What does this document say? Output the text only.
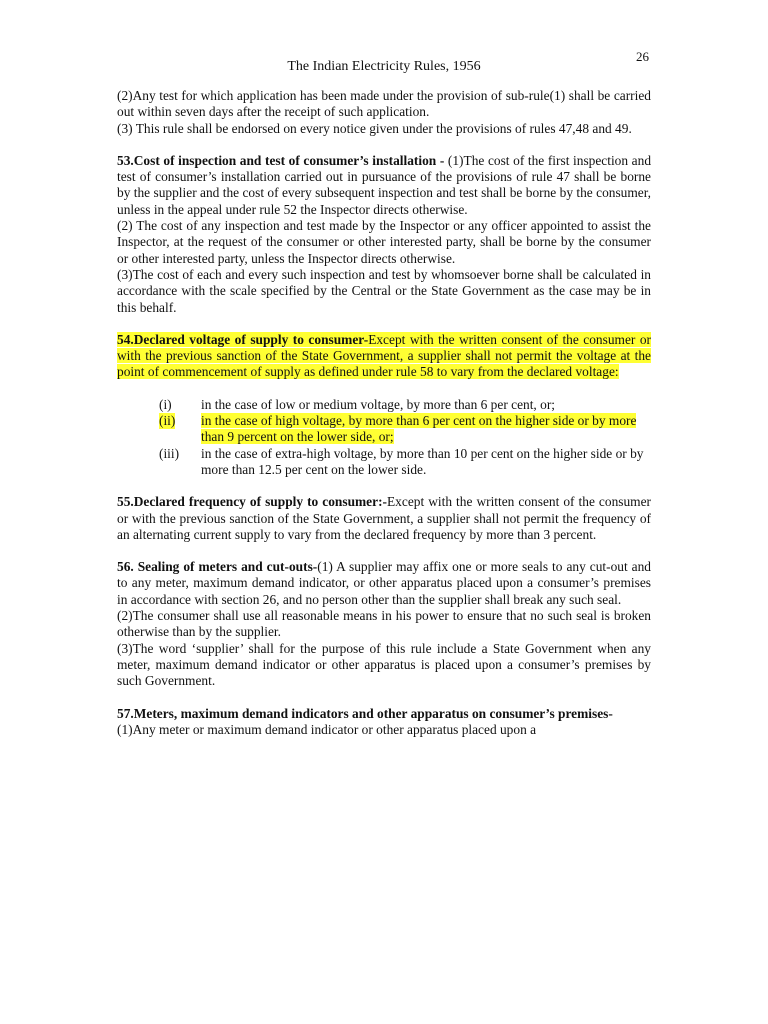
26
The Indian Electricity Rules, 1956

(2)Any test for which application has been made under the provision of sub-rule(1) shall be carried out within seven days after the receipt of such application.

(3) This rule shall be endorsed on every notice given under the provisions of rules 47,48 and 49.

53.Cost of inspection and test of consumer’s installation - (1)The cost of the first inspection and test of consumer’s installation carried out in pursuance of the provisions of rule 47 shall be borne by the supplier and the cost of every subsequent inspection and test shall be borne by the consumer, unless in the appeal under rule 52 the Inspector directs otherwise.

(2) The cost of any inspection and test made by the Inspector or any officer appointed to assist the Inspector, at the request of the consumer or other interested party, shall be borne by the consumer or other interested party, unless the Inspector directs otherwise.

(3)The cost of each and every such inspection and test by whomsoever borne shall be calculated in accordance with the scale specified by the Central or the State Government as the case may be in this behalf.

54.Declared voltage of supply to consumer-Except with the written consent of the consumer or with the previous sanction of the State Government, a supplier shall not permit the voltage at the point of commencement of supply as defined under rule 58 to vary from the declared voltage:

(i) in the case of low or medium voltage, by more than 6 per cent, or;
(ii) in the case of high voltage, by more than 6 per cent on the higher side or by more than 9 percent on the lower side, or;
(iii) in the case of extra-high voltage, by more than 10 per cent on the higher side or by more than 12.5 per cent on the lower side.

55.Declared frequency of supply to consumer:-Except with the written consent of the consumer or with the previous sanction of the State Government, a supplier shall not permit the frequency of an alternating current supply to vary from the declared frequency by more than 3 percent.

56. Sealing of meters and cut-outs-(1) A supplier may affix one or more seals to any cut-out and to any meter, maximum demand indicator, or other apparatus placed upon a consumer’s premises in accordance with section 26, and no person other than the supplier shall break any such seal.

(2)The consumer shall use all reasonable means in his power to ensure that no such seal is broken otherwise than by the supplier.

(3)The word ‘supplier’ shall for the purpose of this rule include a State Government when any meter, maximum demand indicator or other apparatus is placed upon a consumer’s premises by such Government.

57.Meters, maximum demand indicators and other apparatus on consumer’s premises-

(1)Any meter or maximum demand indicator or other apparatus placed upon a
